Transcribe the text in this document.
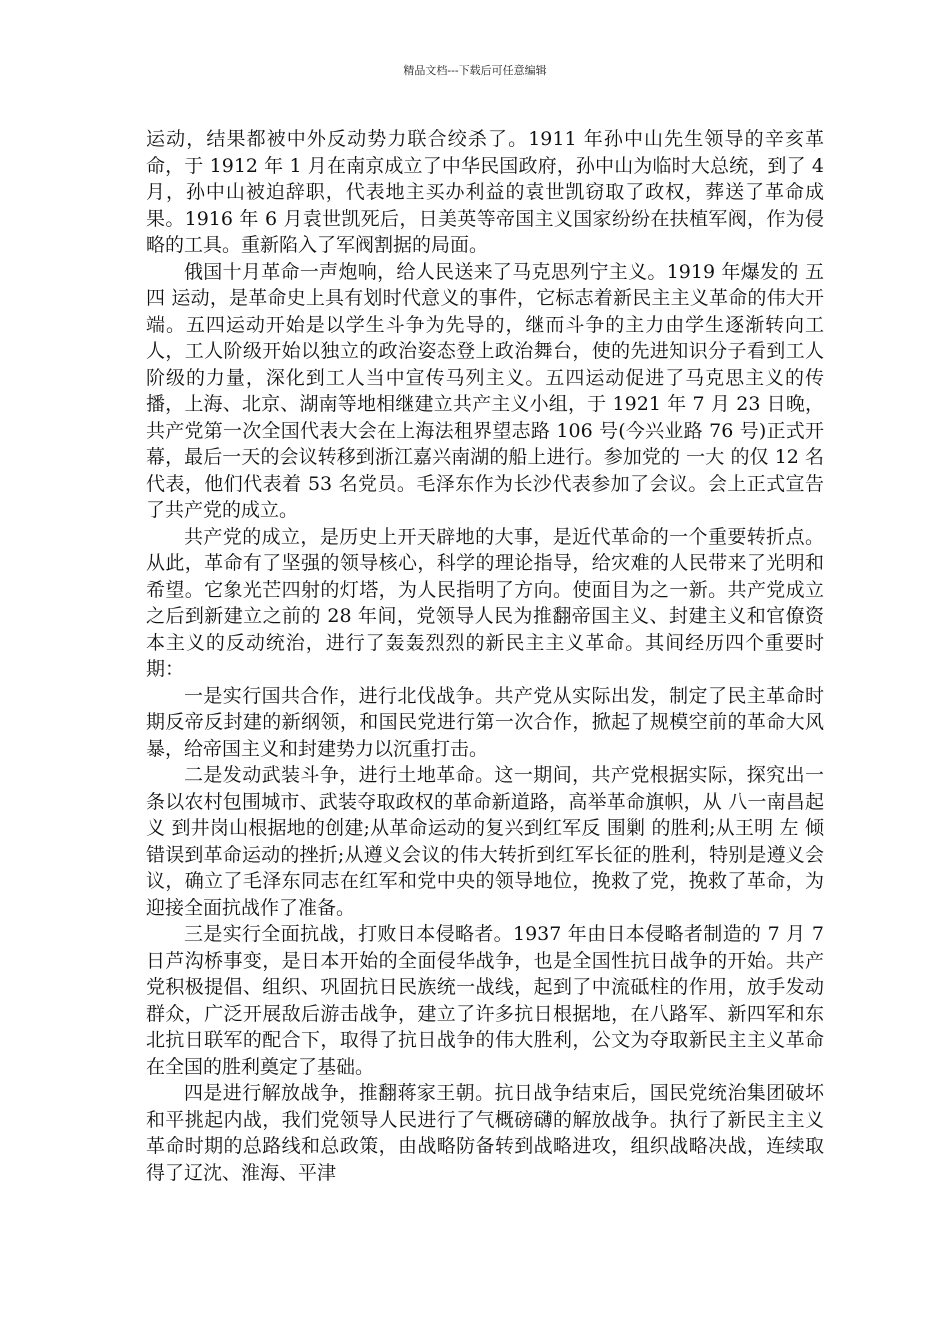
精品文档---下载后可任意编辑

运动，结果都被中外反动势力联合绞杀了。1911 年孙中山先生领导的辛亥革命，于 1912 年 1 月在南京成立了中华民国政府，孙中山为临时大总统，到了 4 月，孙中山被迫辞职，代表地主买办利益的袁世凯窃取了政权，葬送了革命成果。1916 年 6 月袁世凯死后，日美英等帝国主义国家纷纷在扶植军阀，作为侵略的工具。重新陷入了军阀割据的局面。

俄国十月革命一声炮响，给人民送来了马克思列宁主义。1919 年爆发的 五四 运动，是革命史上具有划时代意义的事件，它标志着新民主主义革命的伟大开端。五四运动开始是以学生斗争为先导的，继而斗争的主力由学生逐渐转向工人，工人阶级开始以独立的政治姿态登上政治舞台，使的先进知识分子看到工人阶级的力量，深化到工人当中宣传马列主义。五四运动促进了马克思主义的传播，上海、北京、湖南等地相继建立共产主义小组，于 1921 年 7 月 23 日晚，共产党第一次全国代表大会在上海法租界望志路 106 号(今兴业路 76 号)正式开幕，最后一天的会议转移到浙江嘉兴南湖的船上进行。参加党的 一大 的仅 12 名代表，他们代表着 53 名党员。毛泽东作为长沙代表参加了会议。会上正式宣告了共产党的成立。

共产党的成立，是历史上开天辟地的大事，是近代革命的一个重要转折点。从此，革命有了坚强的领导核心，科学的理论指导，给灾难的人民带来了光明和希望。它象光芒四射的灯塔，为人民指明了方向。使面目为之一新。共产党成立之后到新建立之前的 28 年间，党领导人民为推翻帝国主义、封建主义和官僚资本主义的反动统治，进行了轰轰烈烈的新民主主义革命。其间经历四个重要时期：

一是实行国共合作，进行北伐战争。共产党从实际出发，制定了民主革命时期反帝反封建的新纲领，和国民党进行第一次合作，掀起了规模空前的革命大风暴，给帝国主义和封建势力以沉重打击。

二是发动武装斗争，进行土地革命。这一期间，共产党根据实际，探究出一条以农村包围城市、武装夺取政权的革命新道路，高举革命旗帜，从 八一南昌起义 到井岗山根据地的创建;从革命运动的复兴到红军反 围剿 的胜利;从王明 左 倾错误到革命运动的挫折;从遵义会议的伟大转折到红军长征的胜利，特别是遵义会议，确立了毛泽东同志在红军和党中央的领导地位，挽救了党，挽救了革命，为迎接全面抗战作了准备。

三是实行全面抗战，打败日本侵略者。1937 年由日本侵略者制造的 7 月 7 日芦沟桥事变，是日本开始的全面侵华战争，也是全国性抗日战争的开始。共产党积极提倡、组织、巩固抗日民族统一战线，起到了中流砥柱的作用，放手发动群众，广泛开展敌后游击战争，建立了许多抗日根据地，在八路军、新四军和东北抗日联军的配合下，取得了抗日战争的伟大胜利，公文为夺取新民主主义革命在全国的胜利奠定了基础。

四是进行解放战争，推翻蒋家王朝。抗日战争结束后，国民党统治集团破坏和平挑起内战，我们党领导人民进行了气概磅礴的解放战争。执行了新民主主义革命时期的总路线和总政策，由战略防备转到战略进攻，组织战略决战，连续取得了辽沈、淮海、平津
